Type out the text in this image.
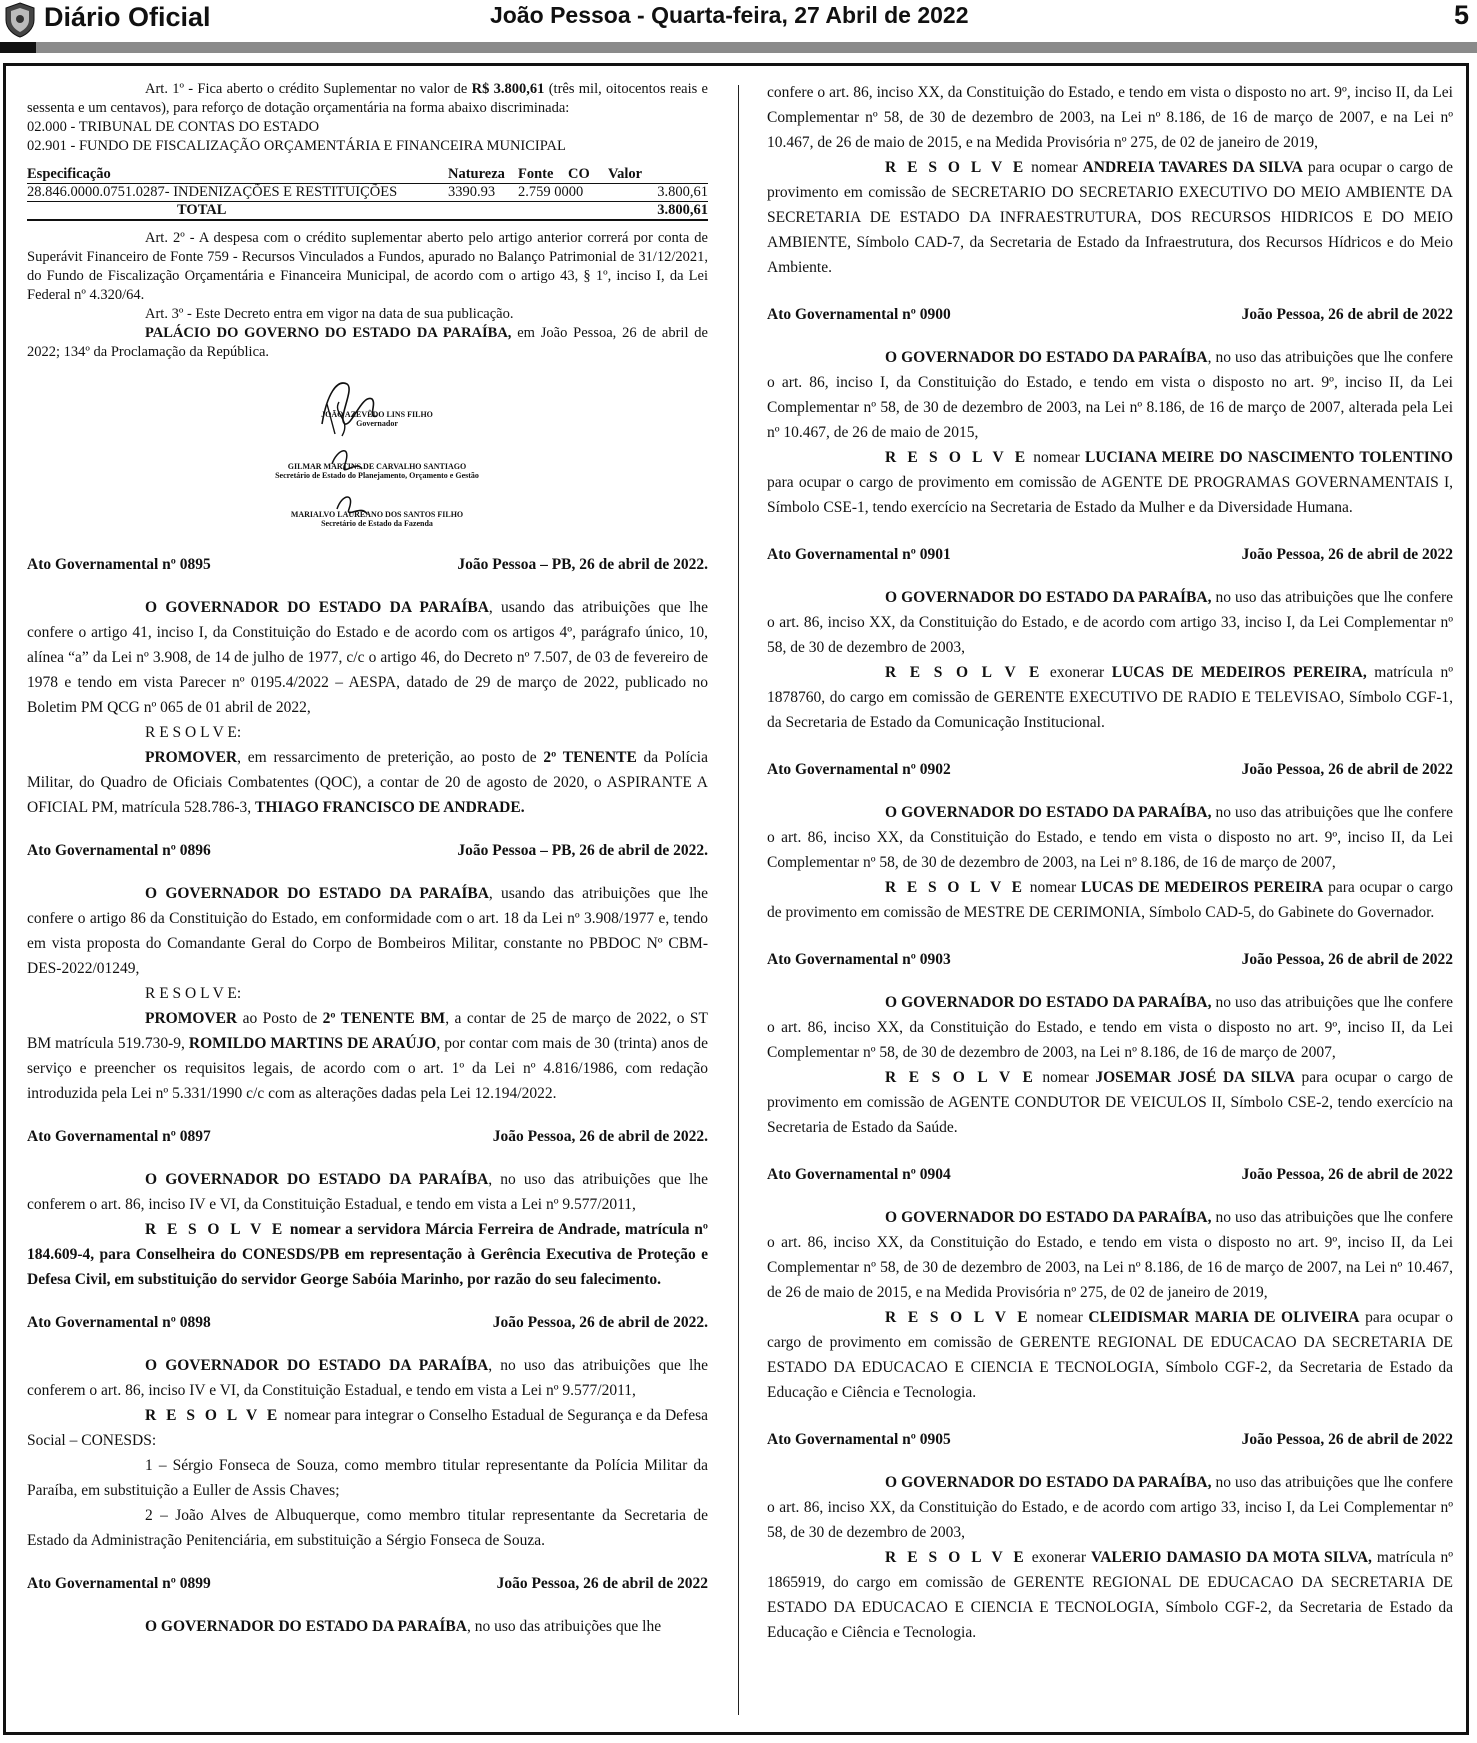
Diário Oficial	João Pessoa - Quarta-feira, 27 Abril de 2022	5

Art. 1º - Fica aberto o crédito Suplementar no valor de R$ 3.800,61 (três mil, oitocentos reais e sessenta e um centavos), para reforço de dotação orçamentária na forma abaixo discriminada:

02.000 - TRIBUNAL DE CONTAS DO ESTADO

02.901 - FUNDO DE FISCALIZAÇÃO ORÇAMENTÁRIA E FINANCEIRA MUNICIPAL

Especificação	Natureza	Fonte	CO	Valor
28.846.0000.0751.0287- INDENIZAÇÕES E RESTITUIÇÕES	3390.93	2.759 0000		3.800,61
TOTAL				3.800,61

Art. 2º - A despesa com o crédito suplementar aberto pelo artigo anterior correrá por conta de Superávit Financeiro de Fonte 759 - Recursos Vinculados a Fundos, apurado no Balanço Patrimonial de 31/12/2021, do Fundo de Fiscalização Orçamentária e Financeira Municipal, de acordo com o artigo 43, § 1º, inciso I, da Lei Federal nº 4.320/64.

Art. 3º - Este Decreto entra em vigor na data de sua publicação.

PALÁCIO DO GOVERNO DO ESTADO DA PARAÍBA, em João Pessoa, 26 de abril de 2022; 134º da Proclamação da República.

JOÃO AZEVÊDO LINS FILHO
Governador
GILMAR MARTINS DE CARVALHO SANTIAGO
Secretário de Estado do Planejamento, Orçamento e Gestão
MARIALVO LAUREANO DOS SANTOS FILHO
Secretário de Estado da Fazenda
Ato Governamental nº 0895	João Pessoa – PB, 26 de abril de 2022.

O GOVERNADOR DO ESTADO DA PARAÍBA, usando das atribuições que lhe confere o artigo 41, inciso I, da Constituição do Estado e de acordo com os artigos 4º, parágrafo único, 10, alínea “a” da Lei nº 3.908, de 14 de julho de 1977, c/c o artigo 46, do Decreto nº 7.507, de 03 de fevereiro de 1978 e tendo em vista Parecer nº 0195.4/2022 – AESPA, datado de 29 de março de 2022, publicado no Boletim PM QCG nº 065 de 01 abril de 2022,

R E S O L V E:

PROMOVER, em ressarcimento de preterição, ao posto de 2º TENENTE da Polícia Militar, do Quadro de Oficiais Combatentes (QOC), a contar de 20 de agosto de 2020, o ASPIRANTE A OFICIAL PM, matrícula 528.786-3, THIAGO FRANCISCO DE ANDRADE.

Ato Governamental nº 0896	João Pessoa – PB, 26 de abril de 2022.

O GOVERNADOR DO ESTADO DA PARAÍBA, usando das atribuições que lhe confere o artigo 86 da Constituição do Estado, em conformidade com o art. 18 da Lei nº 3.908/1977 e, tendo em vista proposta do Comandante Geral do Corpo de Bombeiros Militar, constante no PBDOC Nº CBM-DES-2022/01249,

R E S O L V E:

PROMOVER ao Posto de 2º TENENTE BM, a contar de 25 de março de 2022, o ST BM matrícula 519.730-9, ROMILDO MARTINS DE ARAÚJO, por contar com mais de 30 (trinta) anos de serviço e preencher os requisitos legais, de acordo com o art. 1º da Lei nº 4.816/1986, com redação introduzida pela Lei nº 5.331/1990 c/c com as alterações dadas pela Lei 12.194/2022.

Ato Governamental nº 0897	João Pessoa, 26 de abril de 2022.

O GOVERNADOR DO ESTADO DA PARAÍBA, no uso das atribuições que lhe conferem o art. 86, inciso IV e VI, da Constituição Estadual, e tendo em vista a Lei nº 9.577/2011,

R E S O L V E nomear a servidora Márcia Ferreira de Andrade, matrícula nº 184.609-4, para Conselheira do CONESDS/PB em representação à Gerência Executiva de Proteção e Defesa Civil, em substituição do servidor George Sabóia Marinho, por razão do seu falecimento.

Ato Governamental nº 0898	João Pessoa, 26 de abril de 2022.

O GOVERNADOR DO ESTADO DA PARAÍBA, no uso das atribuições que lhe conferem o art. 86, inciso IV e VI, da Constituição Estadual, e tendo em vista a Lei nº 9.577/2011,

R E S O L V E nomear para integrar o Conselho Estadual de Segurança e da Defesa Social – CONESDS:

1 – Sérgio Fonseca de Souza, como membro titular representante da Polícia Militar da Paraíba, em substituição a Euller de Assis Chaves;

2 – João Alves de Albuquerque, como membro titular representante da Secretaria de Estado da Administração Penitenciária, em substituição a Sérgio Fonseca de Souza.

Ato Governamental nº 0899	João Pessoa, 26 de abril de 2022

O GOVERNADOR DO ESTADO DA PARAÍBA, no uso das atribuições que lhe

confere o art. 86, inciso XX, da Constituição do Estado, e tendo em vista o disposto no art. 9º, inciso II, da Lei Complementar nº 58, de 30 de dezembro de 2003, na Lei nº 8.186, de 16 de março de 2007, e na Lei nº 10.467, de 26 de maio de 2015, e na Medida Provisória nº 275, de 02 de janeiro de 2019,

R E S O L V E nomear ANDREIA TAVARES DA SILVA para ocupar o cargo de provimento em comissão de SECRETARIO DO SECRETARIO EXECUTIVO DO MEIO AMBIENTE DA SECRETARIA DE ESTADO DA INFRAESTRUTURA, DOS RECURSOS HIDRICOS E DO MEIO AMBIENTE, Símbolo CAD-7, da Secretaria de Estado da Infraestrutura, dos Recursos Hídricos e do Meio Ambiente.

Ato Governamental nº 0900	João Pessoa, 26 de abril de 2022

O GOVERNADOR DO ESTADO DA PARAÍBA, no uso das atribuições que lhe confere o art. 86, inciso I, da Constituição do Estado, e tendo em vista o disposto no art. 9º, inciso II, da Lei Complementar nº 58, de 30 de dezembro de 2003, na Lei nº 8.186, de 16 de março de 2007, alterada pela Lei nº 10.467, de 26 de maio de 2015,

R E S O L V E nomear LUCIANA MEIRE DO NASCIMENTO TOLENTINO para ocupar o cargo de provimento em comissão de AGENTE DE PROGRAMAS GOVERNAMENTAIS I, Símbolo CSE-1, tendo exercício na Secretaria de Estado da Mulher e da Diversidade Humana.

Ato Governamental nº 0901	João Pessoa, 26 de abril de 2022

O GOVERNADOR DO ESTADO DA PARAÍBA, no uso das atribuições que lhe confere o art. 86, inciso XX, da Constituição do Estado, e de acordo com artigo 33, inciso I, da Lei Complementar nº 58, de 30 de dezembro de 2003,

R E S O L V E exonerar LUCAS DE MEDEIROS PEREIRA, matrícula nº 1878760, do cargo em comissão de GERENTE EXECUTIVO DE RADIO E TELEVISAO, Símbolo CGF-1, da Secretaria de Estado da Comunicação Institucional.

Ato Governamental nº 0902	João Pessoa, 26 de abril de 2022

O GOVERNADOR DO ESTADO DA PARAÍBA, no uso das atribuições que lhe confere o art. 86, inciso XX, da Constituição do Estado, e tendo em vista o disposto no art. 9º, inciso II, da Lei Complementar nº 58, de 30 de dezembro de 2003, na Lei nº 8.186, de 16 de março de 2007,

R E S O L V E nomear LUCAS DE MEDEIROS PEREIRA para ocupar o cargo de provimento em comissão de MESTRE DE CERIMONIA, Símbolo CAD-5, do Gabinete do Governador.

Ato Governamental nº 0903	João Pessoa, 26 de abril de 2022

O GOVERNADOR DO ESTADO DA PARAÍBA, no uso das atribuições que lhe confere o art. 86, inciso XX, da Constituição do Estado, e tendo em vista o disposto no art. 9º, inciso II, da Lei Complementar nº 58, de 30 de dezembro de 2003, na Lei nº 8.186, de 16 de março de 2007,

R E S O L V E nomear JOSEMAR JOSÉ DA SILVA para ocupar o cargo de provimento em comissão de AGENTE CONDUTOR DE VEICULOS II, Símbolo CSE-2, tendo exercício na Secretaria de Estado da Saúde.

Ato Governamental nº 0904	João Pessoa, 26 de abril de 2022

O GOVERNADOR DO ESTADO DA PARAÍBA, no uso das atribuições que lhe confere o art. 86, inciso XX, da Constituição do Estado, e tendo em vista o disposto no art. 9º, inciso II, da Lei Complementar nº 58, de 30 de dezembro de 2003, na Lei nº 8.186, de 16 de março de 2007, na Lei nº 10.467, de 26 de maio de 2015, e na Medida Provisória nº 275, de 02 de janeiro de 2019,

R E S O L V E nomear CLEIDISMAR MARIA DE OLIVEIRA para ocupar o cargo de provimento em comissão de GERENTE REGIONAL DE EDUCACAO DA SECRETARIA DE ESTADO DA EDUCACAO E CIENCIA E TECNOLOGIA, Símbolo CGF-2, da Secretaria de Estado da Educação e Ciência e Tecnologia.

Ato Governamental nº 0905	João Pessoa, 26 de abril de 2022

O GOVERNADOR DO ESTADO DA PARAÍBA, no uso das atribuições que lhe confere o art. 86, inciso XX, da Constituição do Estado, e de acordo com artigo 33, inciso I, da Lei Complementar nº 58, de 30 de dezembro de 2003,

R E S O L V E exonerar VALERIO DAMASIO DA MOTA SILVA, matrícula nº 1865919, do cargo em comissão de GERENTE REGIONAL DE EDUCACAO DA SECRETARIA DE ESTADO DA EDUCACAO E CIENCIA E TECNOLOGIA, Símbolo CGF-2, da Secretaria de Estado da Educação e Ciência e Tecnologia.
